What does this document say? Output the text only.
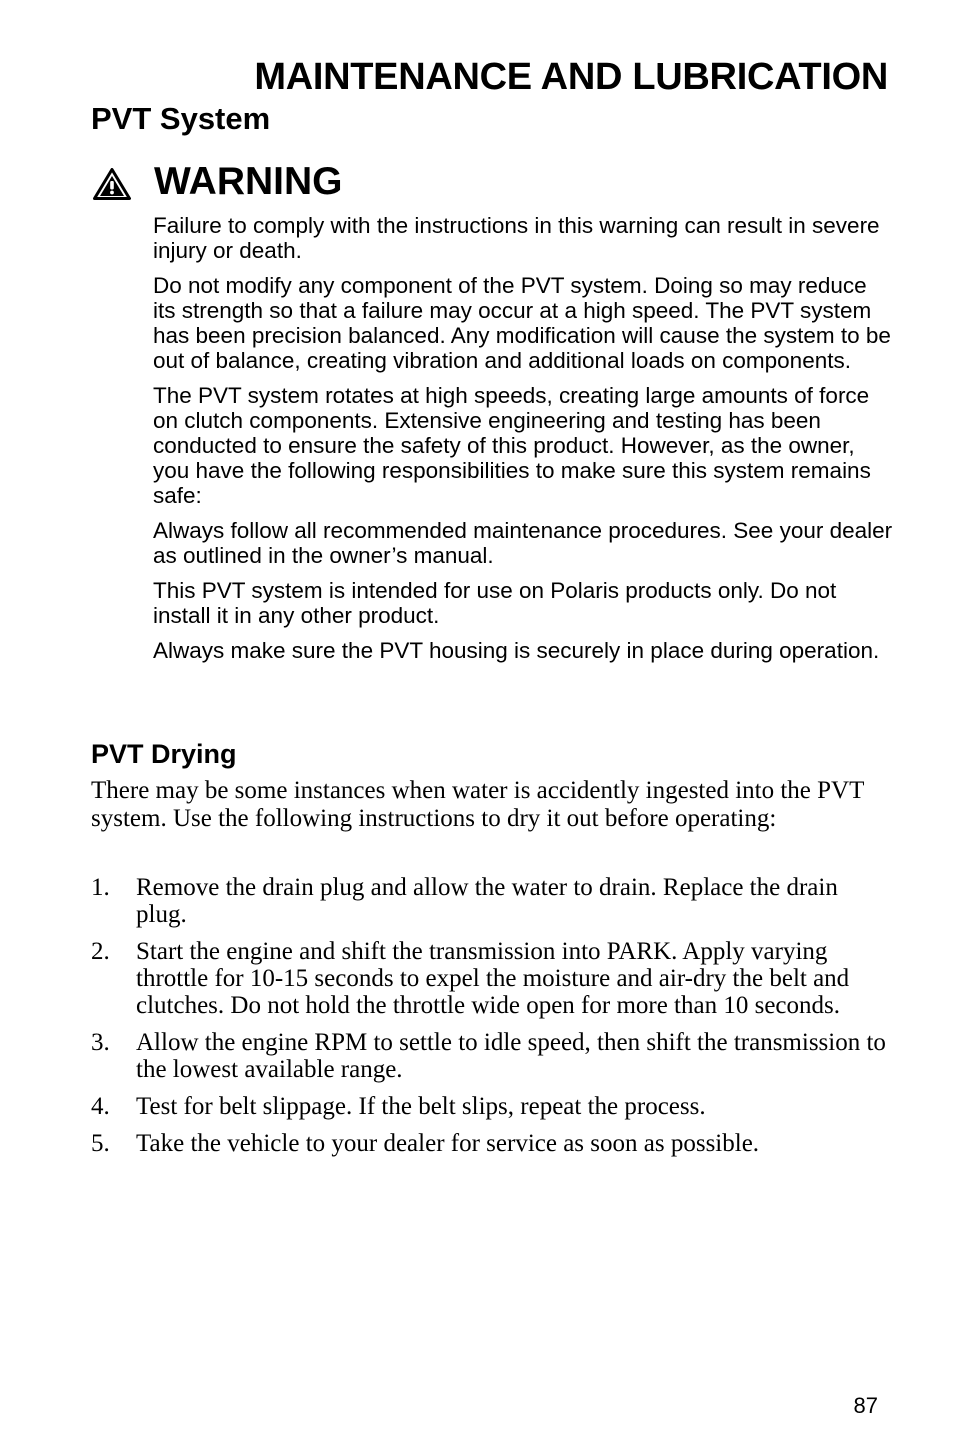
MAINTENANCE AND LUBRICATION
PVT System
WARNING

Failure to comply with the instructions in this warning can result in severe injury or death.

Do not modify any component of the PVT system. Doing so may reduce its strength so that a failure may occur at a high speed. The PVT system has been precision balanced. Any modification will cause the system to be out of balance, creating vibration and additional loads on components.

The PVT system rotates at high speeds, creating large amounts of force on clutch components. Extensive engineering and testing has been conducted to ensure the safety of this product. However, as the owner, you have the following responsibilities to make sure this system remains safe:

Always follow all recommended maintenance procedures. See your dealer as outlined in the owner’s manual.

This PVT system is intended for use on Polaris products only. Do not install it in any other product.

Always make sure the PVT housing is securely in place during operation.

PVT Drying

There may be some instances when water is accidently ingested into the PVT system. Use the following instructions to dry it out before operating:

1.	Remove the drain plug and allow the water to drain. Replace the drain plug.
2.	Start the engine and shift the transmission into PARK. Apply varying throttle for 10-15 seconds to expel the moisture and air-dry the belt and clutches. Do not hold the throttle wide open for more than 10 seconds.
3.	Allow the engine RPM to settle to idle speed, then shift the transmission to the lowest available range.
4.	Test for belt slippage. If the belt slips, repeat the process.
5.	Take the vehicle to your dealer for service as soon as possible.
87
